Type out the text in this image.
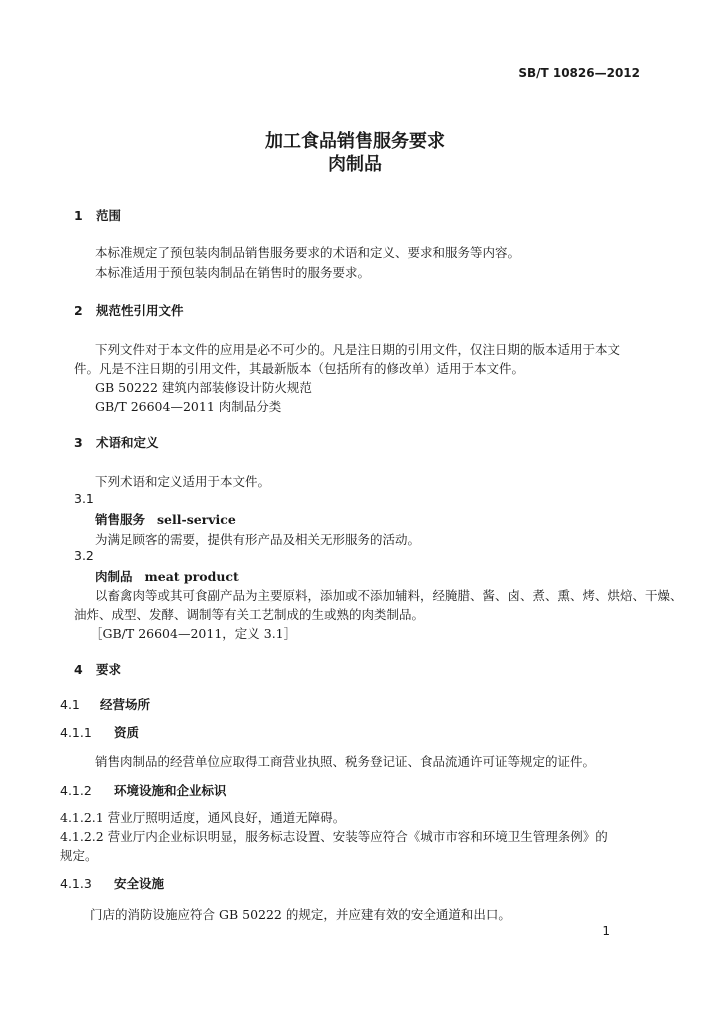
SB/T 10826—2012
加工食品销售服务要求
肉制品
1 范围
本标准规定了预包装肉制品销售服务要求的术语和定义、要求和服务等内容。
本标准适用于预包装肉制品在销售时的服务要求。
2 规范性引用文件
下列文件对于本文件的应用是必不可少的。凡是注日期的引用文件，仅注日期的版本适用于本文
件。凡是不注日期的引用文件，其最新版本（包括所有的修改单）适用于本文件。
GB 50222 建筑内部装修设计防火规范
GB/T 26604—2011 肉制品分类
3 术语和定义
下列术语和定义适用于本文件。
3.1
销售服务 sell-service
为满足顾客的需要，提供有形产品及相关无形服务的活动。
3.2
肉制品 meat product
以畜禽肉等或其可食副产品为主要原料，添加或不添加辅料，经腌腊、酱、卤、煮、熏、烤、烘焙、干燥、
油炸、成型、发酵、调制等有关工艺制成的生或熟的肉类制品。
［GB/T 26604—2011，定义 3.1］
4 要求
4.1 经营场所
4.1.1 资质
销售肉制品的经营单位应取得工商营业执照、税务登记证、食品流通许可证等规定的证件。
4.1.2 环境设施和企业标识
4.1.2.1 营业厅照明适度，通风良好，通道无障碍。
4.1.2.2 营业厅内企业标识明显，服务标志设置、安装等应符合《城市市容和环境卫生管理条例》的
规定。
4.1.3 安全设施
门店的消防设施应符合 GB 50222 的规定，并应建有效的安全通道和出口。
1
